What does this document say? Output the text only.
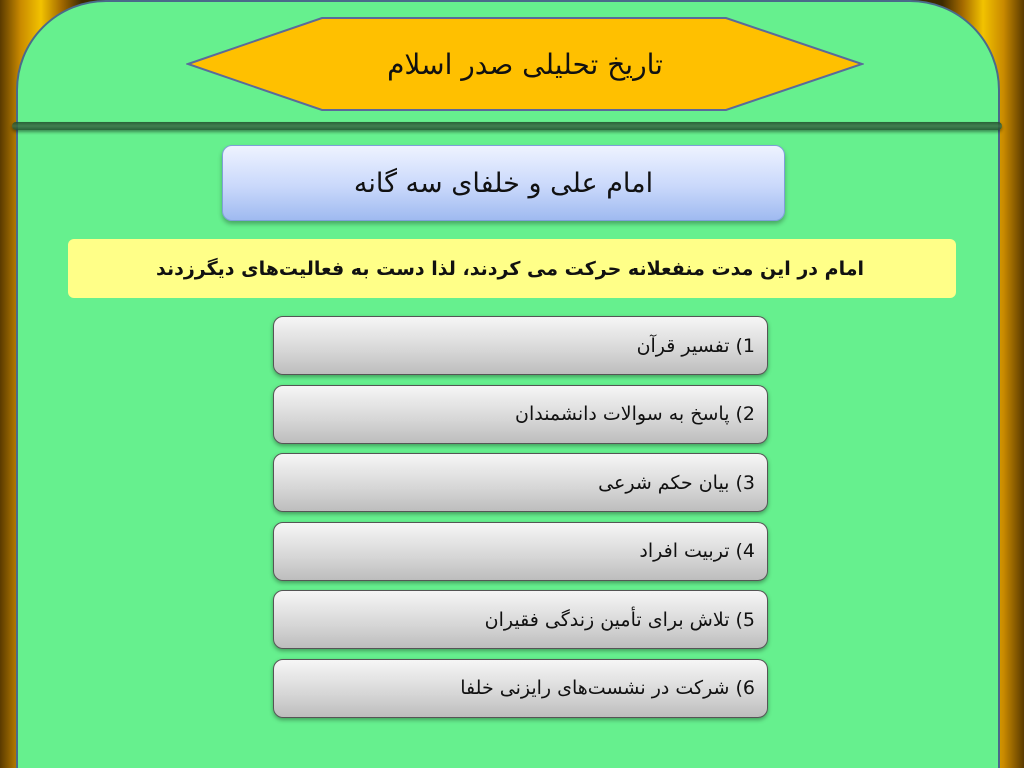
تاریخ تحلیلی صدر اسلام
امام علی و خلفای سه گانه
امام در این مدت منفعلانه حرکت می کردند، لذا دست به فعالیت‌های دیگرزدند
1)
تفسیر قرآن
2)
پاسخ به سوالات دانشمندان
3)
بیان حکم شرعی
4)
تربیت افراد
5)
تلاش برای تأمین زندگی فقیران
6)
شرکت در نشست‌های رایزنی خلفا
